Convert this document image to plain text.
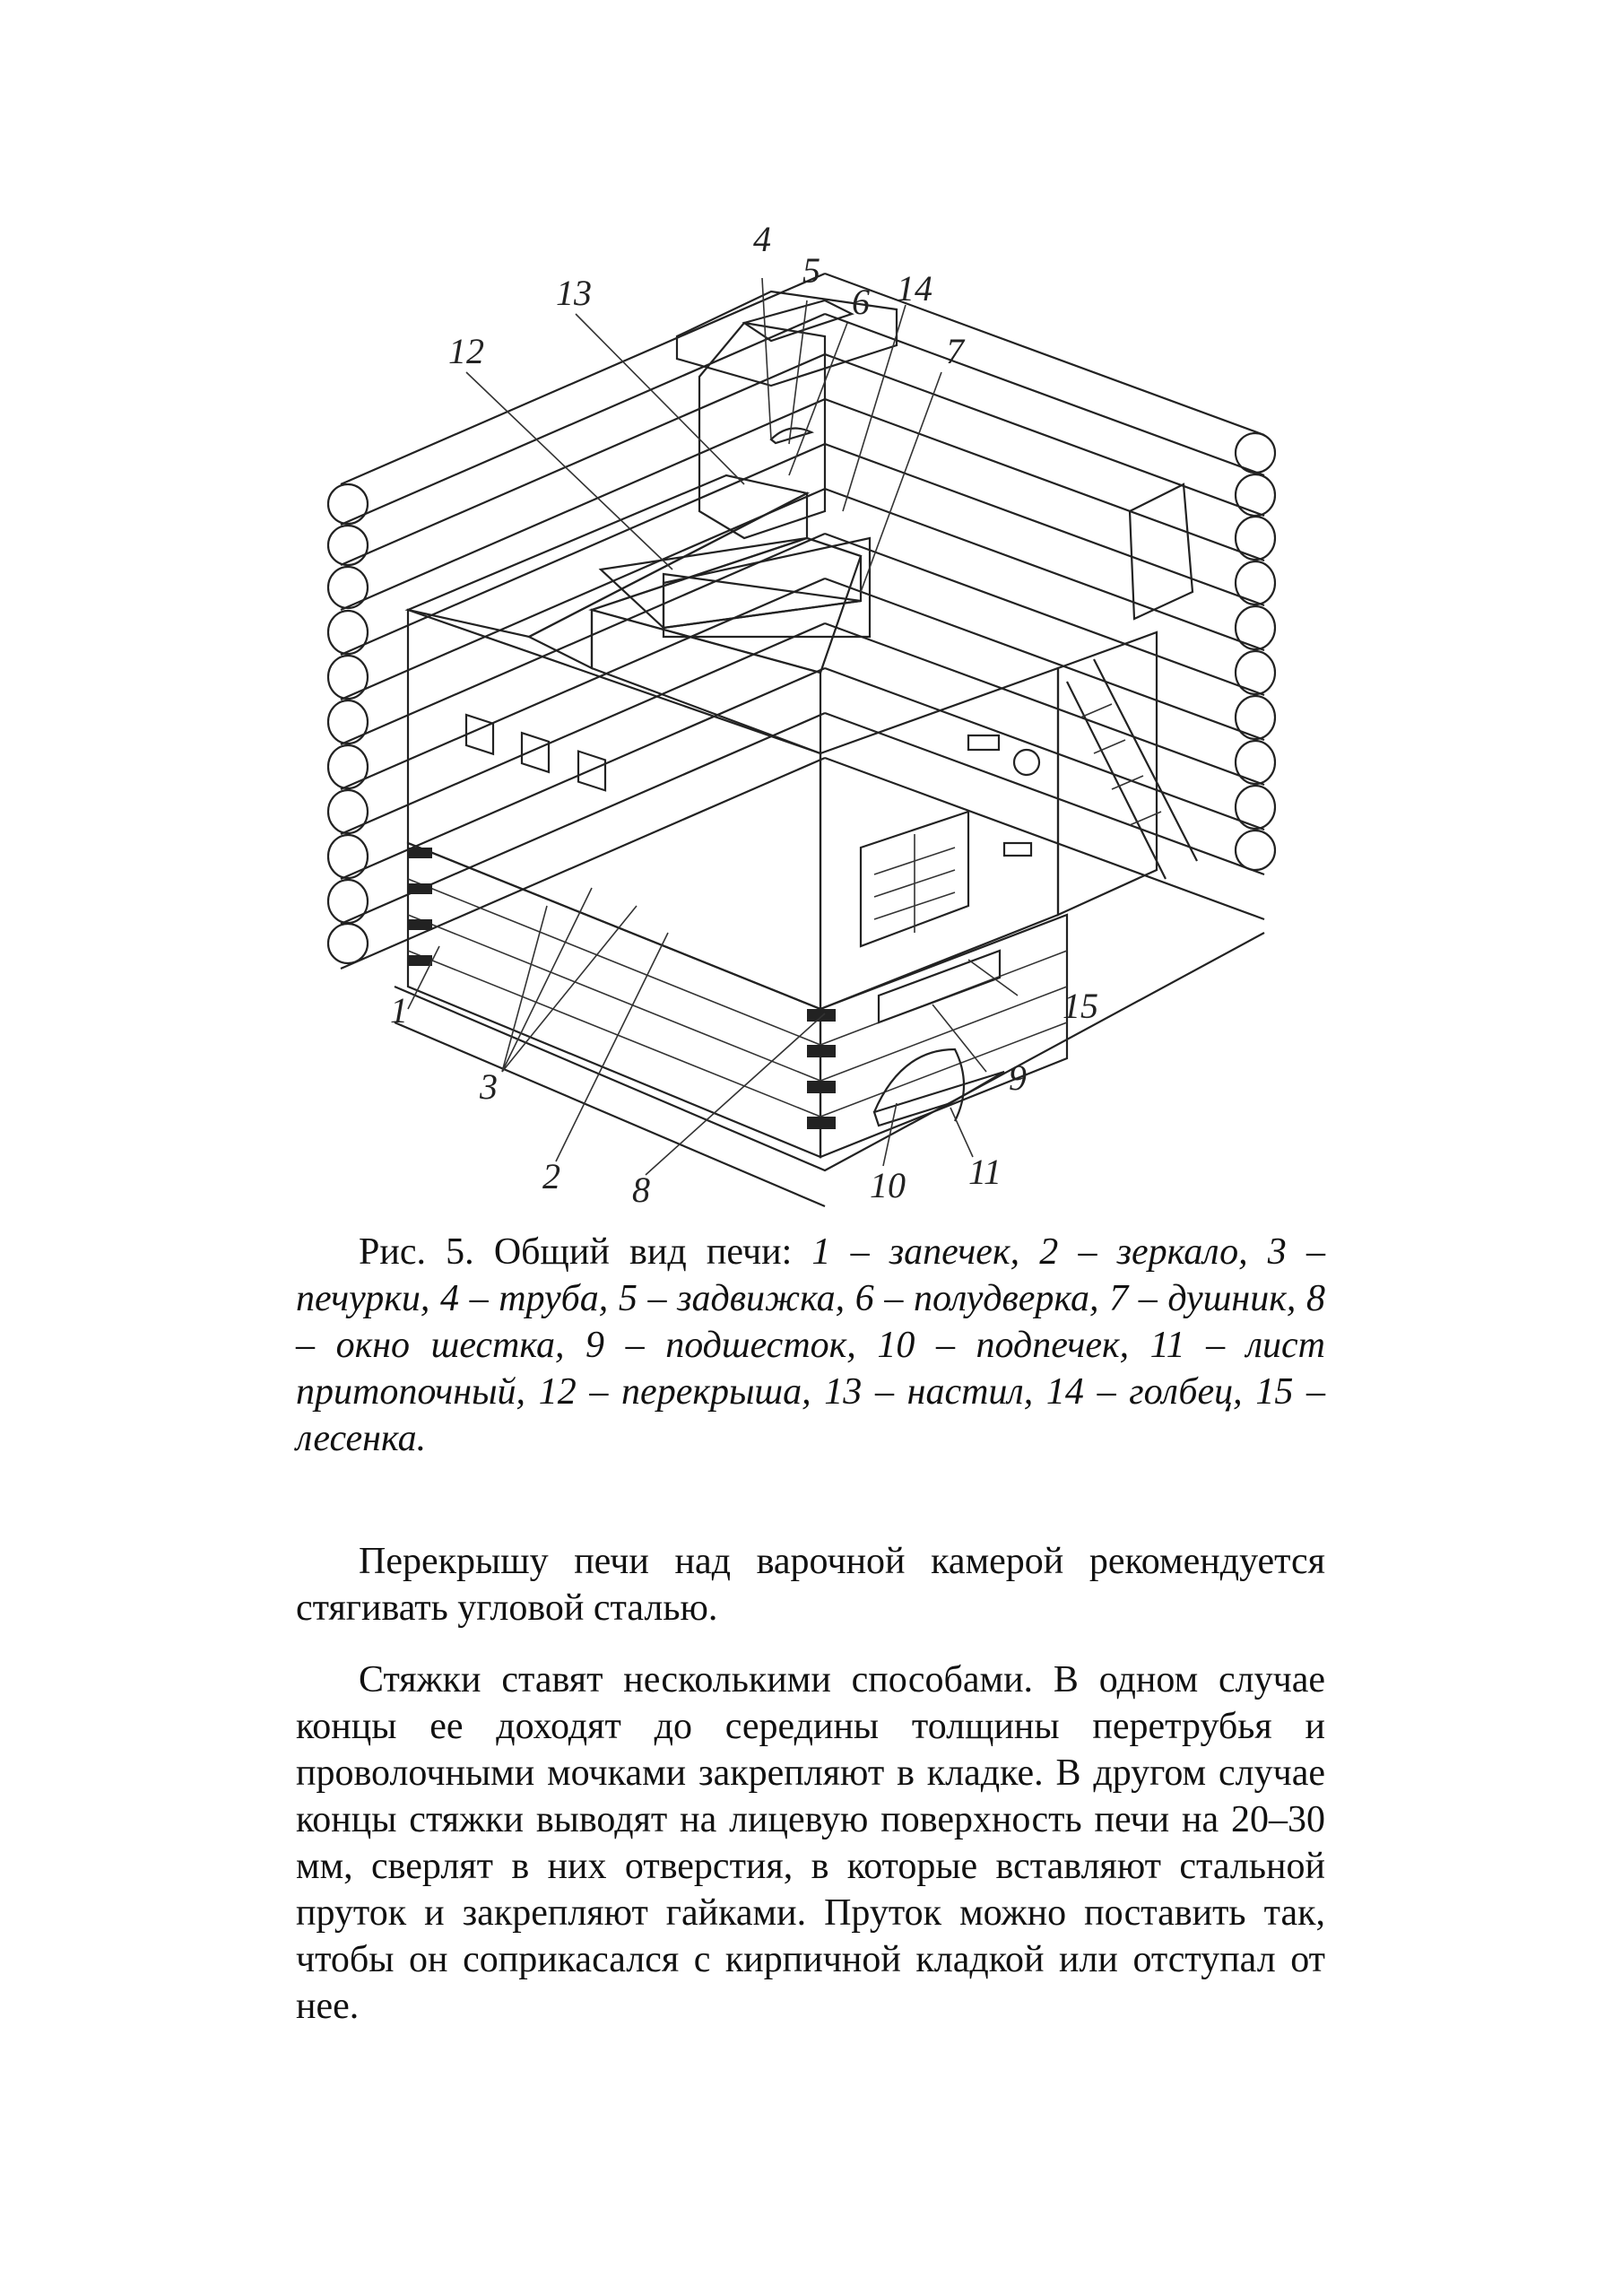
4
5
6 14
7
13
12
1
3
2 8	10 11
9
15

Рис. 5. Общий вид печи: 1 – запечек, 2 – зеркало, 3 – печурки, 4 – труба, 5 – задвижка, 6 – полудверка, 7 – душник, 8 – окно шестка, 9 – подшесток, 10 – подпечек, 11 – лист притопочный, 12 – перекрыша, 13 – настил, 14 – голбец, 15 – лесенка.

Перекрышу печи над варочной камерой рекомендуется стягивать угловой сталью.

Стяжки ставят несколькими способами. В одном случае концы ее доходят до середины толщины перетрубья и проволочными мочками закрепляют в кладке. В другом случае концы стяжки выводят на лицевую поверхность печи на 20–30 мм, сверлят в них отверстия, в которые вставляют стальной пруток и закрепляют гайками. Пруток можно поставить так, чтобы он соприкасался с кирпичной кладкой или отступал от нее.
